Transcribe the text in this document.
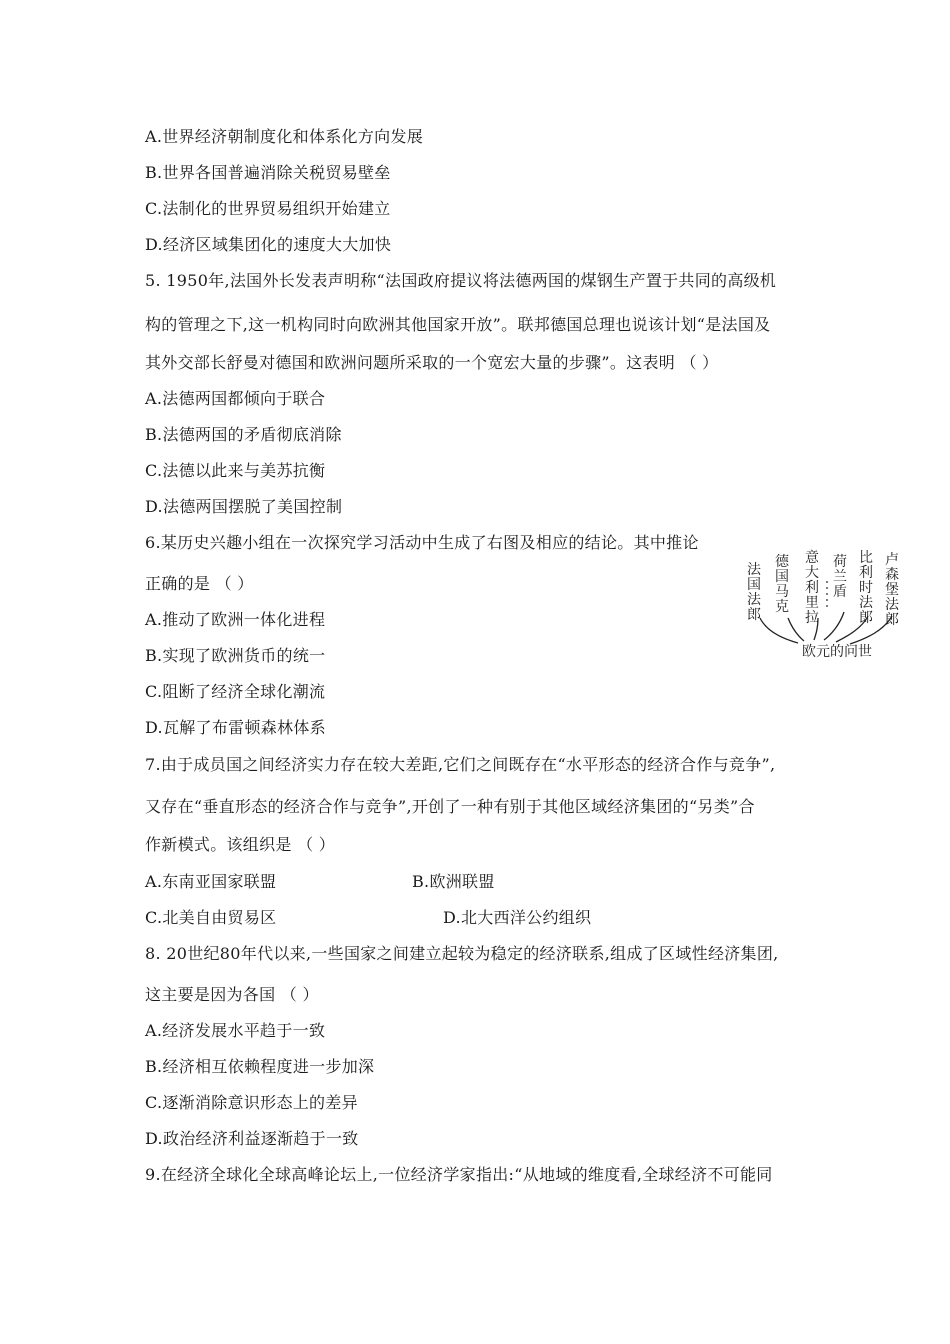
A.世界经济朝制度化和体系化方向发展
B.世界各国普遍消除关税贸易壁垒
C.法制化的世界贸易组织开始建立
D.经济区域集团化的速度大大加快
5. 1950年,法国外长发表声明称“法国政府提议将法德两国的煤钢生产置于共同的高级机
构的管理之下,这一机构同时向欧洲其他国家开放”。联邦德国总理也说该计划“是法国及
其外交部长舒曼对德国和欧洲问题所采取的一个宽宏大量的步骤”。这表明 （ ）
A.法德两国都倾向于联合
B.法德两国的矛盾彻底消除
C.法德以此来与美苏抗衡
D.法德两国摆脱了美国控制
6.某历史兴趣小组在一次探究学习活动中生成了右图及相应的结论。其中推论
正确的是 （ ）
A.推动了欧洲一体化进程
B.实现了欧洲货币的统一
C.阻断了经济全球化潮流
D.瓦解了布雷顿森林体系
7.由于成员国之间经济实力存在较大差距,它们之间既存在“水平形态的经济合作与竞争”,
又存在“垂直形态的经济合作与竞争”,开创了一种有别于其他区域经济集团的“另类”合
作新模式。该组织是 （ ）
A.东南亚国家联盟	B.欧洲联盟
C.北美自由贸易区	D.北大西洋公约组织
8. 20世纪80年代以来,一些国家之间建立起较为稳定的经济联系,组成了区域性经济集团,
这主要是因为各国 （ ）
A.经济发展水平趋于一致
B.经济相互依赖程度进一步加深
C.逐渐消除意识形态上的差异
D.政治经济利益逐渐趋于一致
9.在经济全球化全球高峰论坛上,一位经济学家指出:“从地域的维度看,全球经济不可能同
法国法郎
德国马克
意大利里拉
荷兰盾
比利时法郎
卢森堡法郎
欧元的问世
